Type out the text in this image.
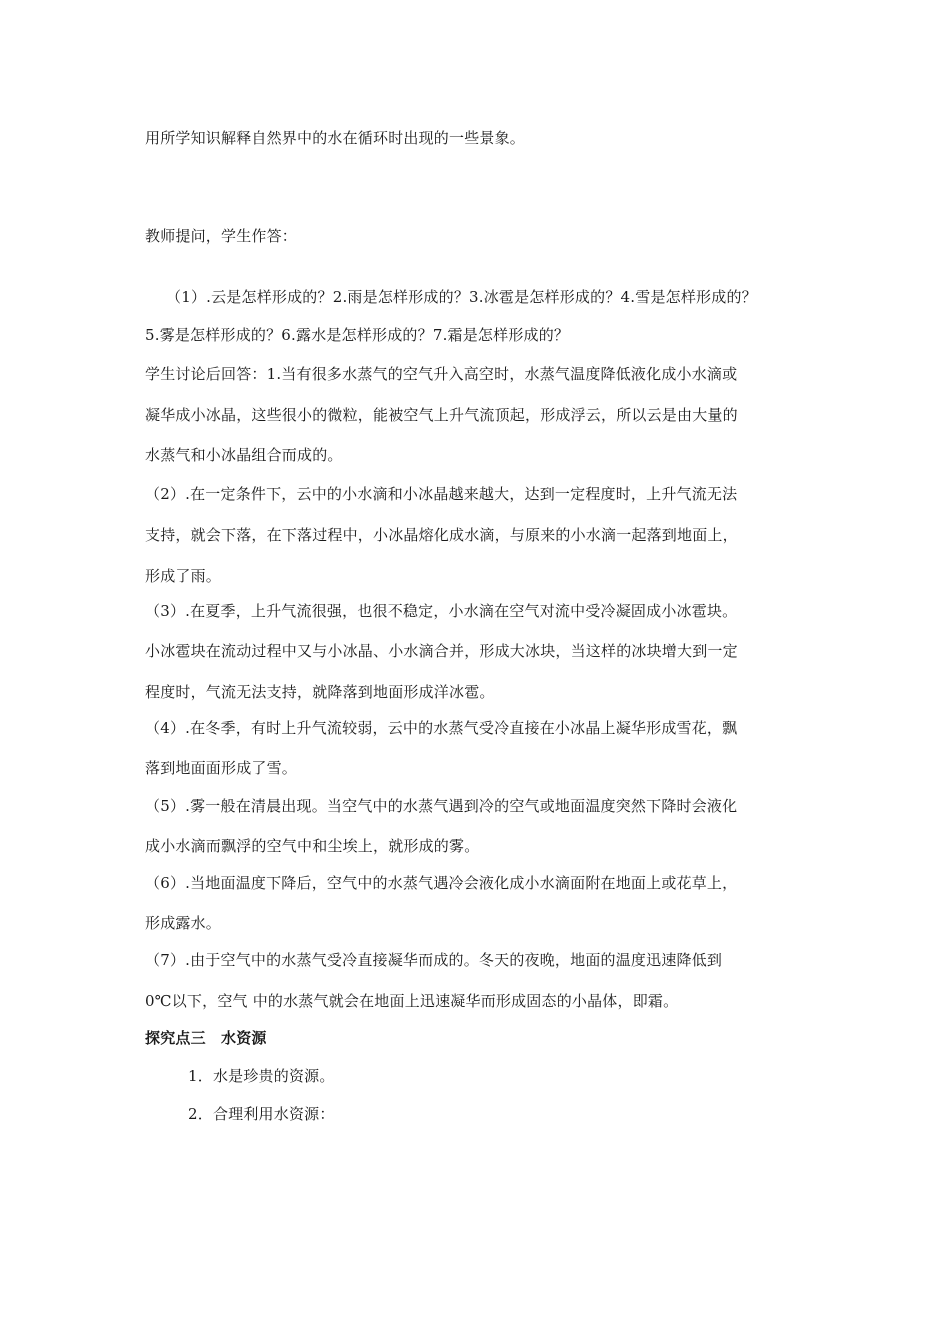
用所学知识解释自然界中的水在循环时出现的一些景象。
教师提问，学生作答：
（1）.云是怎样形成的？2.雨是怎样形成的？3.冰雹是怎样形成的？4.雪是怎样形成的？
5.雾是怎样形成的？6.露水是怎样形成的？7.霜是怎样形成的？
学生讨论后回答：1.当有很多水蒸气的空气升入高空时，水蒸气温度降低液化成小水滴或
凝华成小冰晶，这些很小的微粒，能被空气上升气流顶起，形成浮云，所以云是由大量的
水蒸气和小冰晶组合而成的。
（2）.在一定条件下，云中的小水滴和小冰晶越来越大，达到一定程度时，上升气流无法
支持，就会下落，在下落过程中，小冰晶熔化成水滴，与原来的小水滴一起落到地面上，
形成了雨。
（3）.在夏季，上升气流很强，也很不稳定，小水滴在空气对流中受冷凝固成小冰雹块。
小冰雹块在流动过程中又与小冰晶、小水滴合并，形成大冰块，当这样的冰块增大到一定
程度时，气流无法支持，就降落到地面形成洋冰雹。
（4）.在冬季，有时上升气流较弱，云中的水蒸气受冷直接在小冰晶上凝华形成雪花，飘
落到地面面形成了雪。
（5）.雾一般在清晨出现。当空气中的水蒸气遇到冷的空气或地面温度突然下降时会液化
成小水滴而飘浮的空气中和尘埃上，就形成的雾。
（6）.当地面温度下降后，空气中的水蒸气遇冷会液化成小水滴面附在地面上或花草上，
形成露水。
（7）.由于空气中的水蒸气受冷直接凝华而成的。冬天的夜晚，地面的温度迅速降低到
0℃以下，空气 中的水蒸气就会在地面上迅速凝华而形成固态的小晶体，即霜。
探究点三　水资源
1．水是珍贵的资源。
2．合理利用水资源：
